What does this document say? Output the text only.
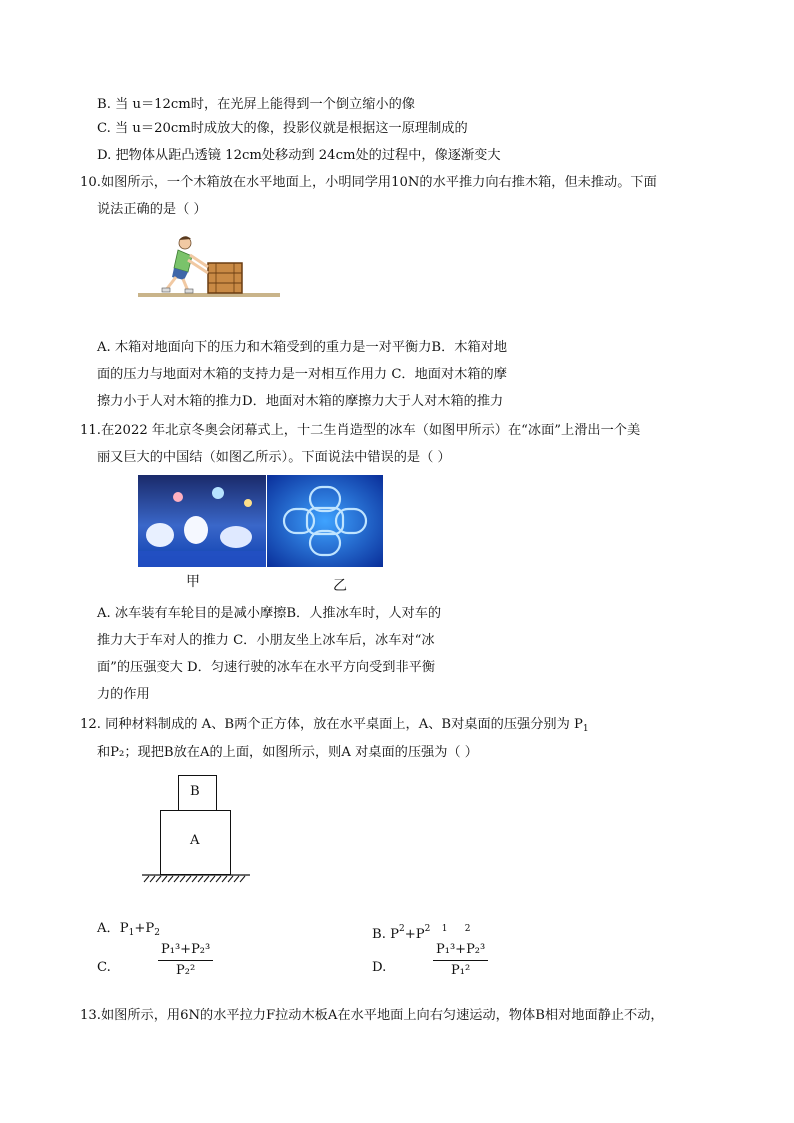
B. 当 u＝12cm时，在光屏上能得到一个倒立缩小的像
C. 当 u＝20cm时成放大的像，投影仪就是根据这一原理制成的
D. 把物体从距凸透镜 12cm处移动到 24cm处的过程中，像逐渐变大
10.如图所示，一个木箱放在水平地面上，小明同学用10N的水平推力向右推木箱，但未推动。下面
说法正确的是（ ）
A. 木箱对地面向下的压力和木箱受到的重力是一对平衡力B．木箱对地
面的压力与地面对木箱的支持力是一对相互作用力 C．地面对木箱的摩
擦力小于人对木箱的推力D．地面对木箱的摩擦力大于人对木箱的推力
11.在2022 年北京冬奥会闭幕式上，十二生肖造型的冰车（如图甲所示）在“冰面”上滑出一个美
丽又巨大的中国结（如图乙所示）。下面说法中错误的是（ ）
甲	乙
A. 冰车装有车轮目的是减小摩擦B．人推冰车时，人对车的
推力大于车对人的推力 C．小朋友坐上冰车后，冰车对“冰
面”的压强变大 D．匀速行驶的冰车在水平方向受到非平衡
力的作用
12. 同种材料制成的 A、B两个正方体，放在水平桌面上，A、B对桌面的压强分别为 $P_1$
和P₂；现把B放在A的上面，如图所示，则A 对桌面的压强为（ ）
B
A
A．$P_1+P_2$	B. $P^2+P^2$    $^{1 2}$
C.	$\frac{\text{P₁³+P₂³}}{\text{P₂²}}$	D.	$\frac{\text{P₁³+P₂³}}{\text{P₁²}}$
13.如图所示，用6N的水平拉力F拉动木板A在水平地面上向右匀速运动，物体B相对地面静止不动，
